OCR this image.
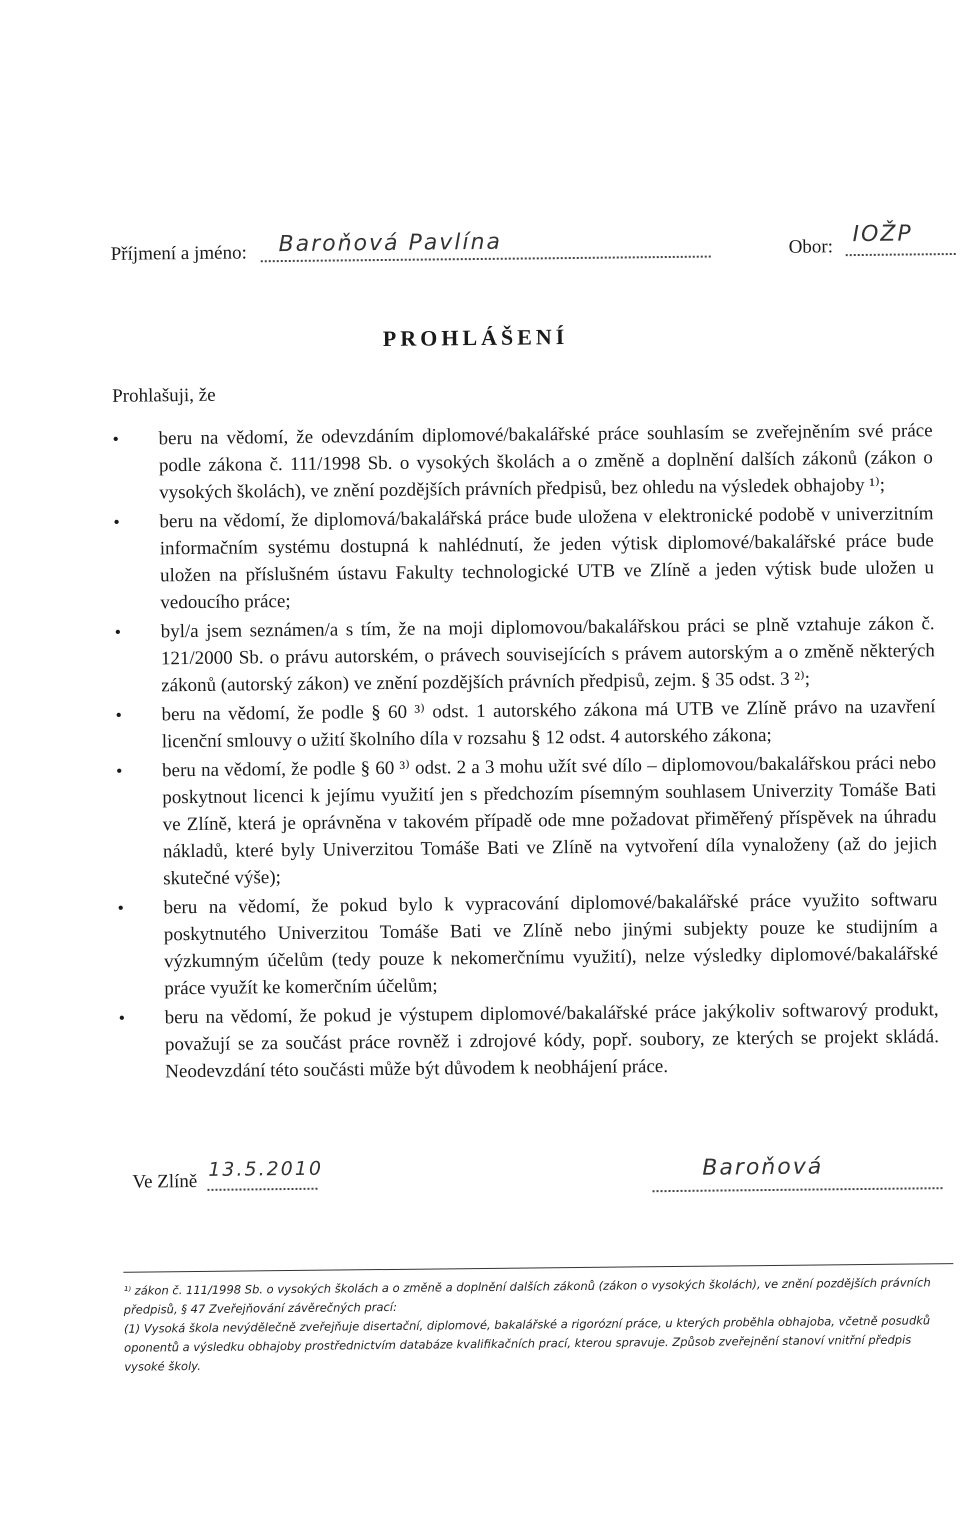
Příjmení a jméno: Baroňová Pavlína	Obor: IOŽP
PROHLÁŠENÍ
Prohlašuji, že
• beru na vědomí, že odevzdáním diplomové/bakalářské práce souhlasím se zveřejněním své práce podle zákona č. 111/1998 Sb. o vysokých školách a o změně a doplnění dalších zákonů (zákon o vysokých školách), ve znění pozdějších právních předpisů, bez ohledu na výsledek obhajoby ¹⁾;
• beru na vědomí, že diplomová/bakalářská práce bude uložena v elektronické podobě v univerzitním informačním systému dostupná k nahlédnutí, že jeden výtisk diplomové/bakalářské práce bude uložen na příslušném ústavu Fakulty technologické UTB ve Zlíně a jeden výtisk bude uložen u vedoucího práce;
• byl/a jsem seznámen/a s tím, že na moji diplomovou/bakalářskou práci se plně vztahuje zákon č. 121/2000 Sb. o právu autorském, o právech souvisejících s právem autorským a o změně některých zákonů (autorský zákon) ve znění pozdějších právních předpisů, zejm. § 35 odst. 3 ²⁾;
• beru na vědomí, že podle § 60 ³⁾ odst. 1 autorského zákona má UTB ve Zlíně právo na uzavření licenční smlouvy o užití školního díla v rozsahu § 12 odst. 4 autorského zákona;
• beru na vědomí, že podle § 60 ³⁾ odst. 2 a 3 mohu užít své dílo – diplomovou/bakalářskou práci nebo poskytnout licenci k jejímu využití jen s předchozím písemným souhlasem Univerzity Tomáše Bati ve Zlíně, která je oprávněna v takovém případě ode mne požadovat přiměřený příspěvek na úhradu nákladů, které byly Univerzitou Tomáše Bati ve Zlíně na vytvoření díla vynaloženy (až do jejich skutečné výše);
• beru na vědomí, že pokud bylo k vypracování diplomové/bakalářské práce využito softwaru poskytnutého Univerzitou Tomáše Bati ve Zlíně nebo jinými subjekty pouze ke studijním a výzkumným účelům (tedy pouze k nekomerčnímu využití), nelze výsledky diplomové/bakalářské práce využít ke komerčním účelům;
• beru na vědomí, že pokud je výstupem diplomové/bakalářské práce jakýkoliv softwarový produkt, považují se za součást práce rovněž i zdrojové kódy, popř. soubory, ze kterých se projekt skládá. Neodevzdání této součásti může být důvodem k neobhájení práce.
Ve Zlíně
13.5.2010	Baroňová

¹⁾ zákon č. 111/1998 Sb. o vysokých školách a o změně a doplnění dalších zákonů (zákon o vysokých školách), ve znění pozdějších právních předpisů, § 47 Zveřejňování závěrečných prací:

(1) Vysoká škola nevýdělečně zveřejňuje disertační, diplomové, bakalářské a rigorózní práce, u kterých proběhla obhajoba, včetně posudků oponentů a výsledku obhajoby prostřednictvím databáze kvalifikačních prací, kterou spravuje. Způsob zveřejnění stanoví vnitřní předpis vysoké školy.
